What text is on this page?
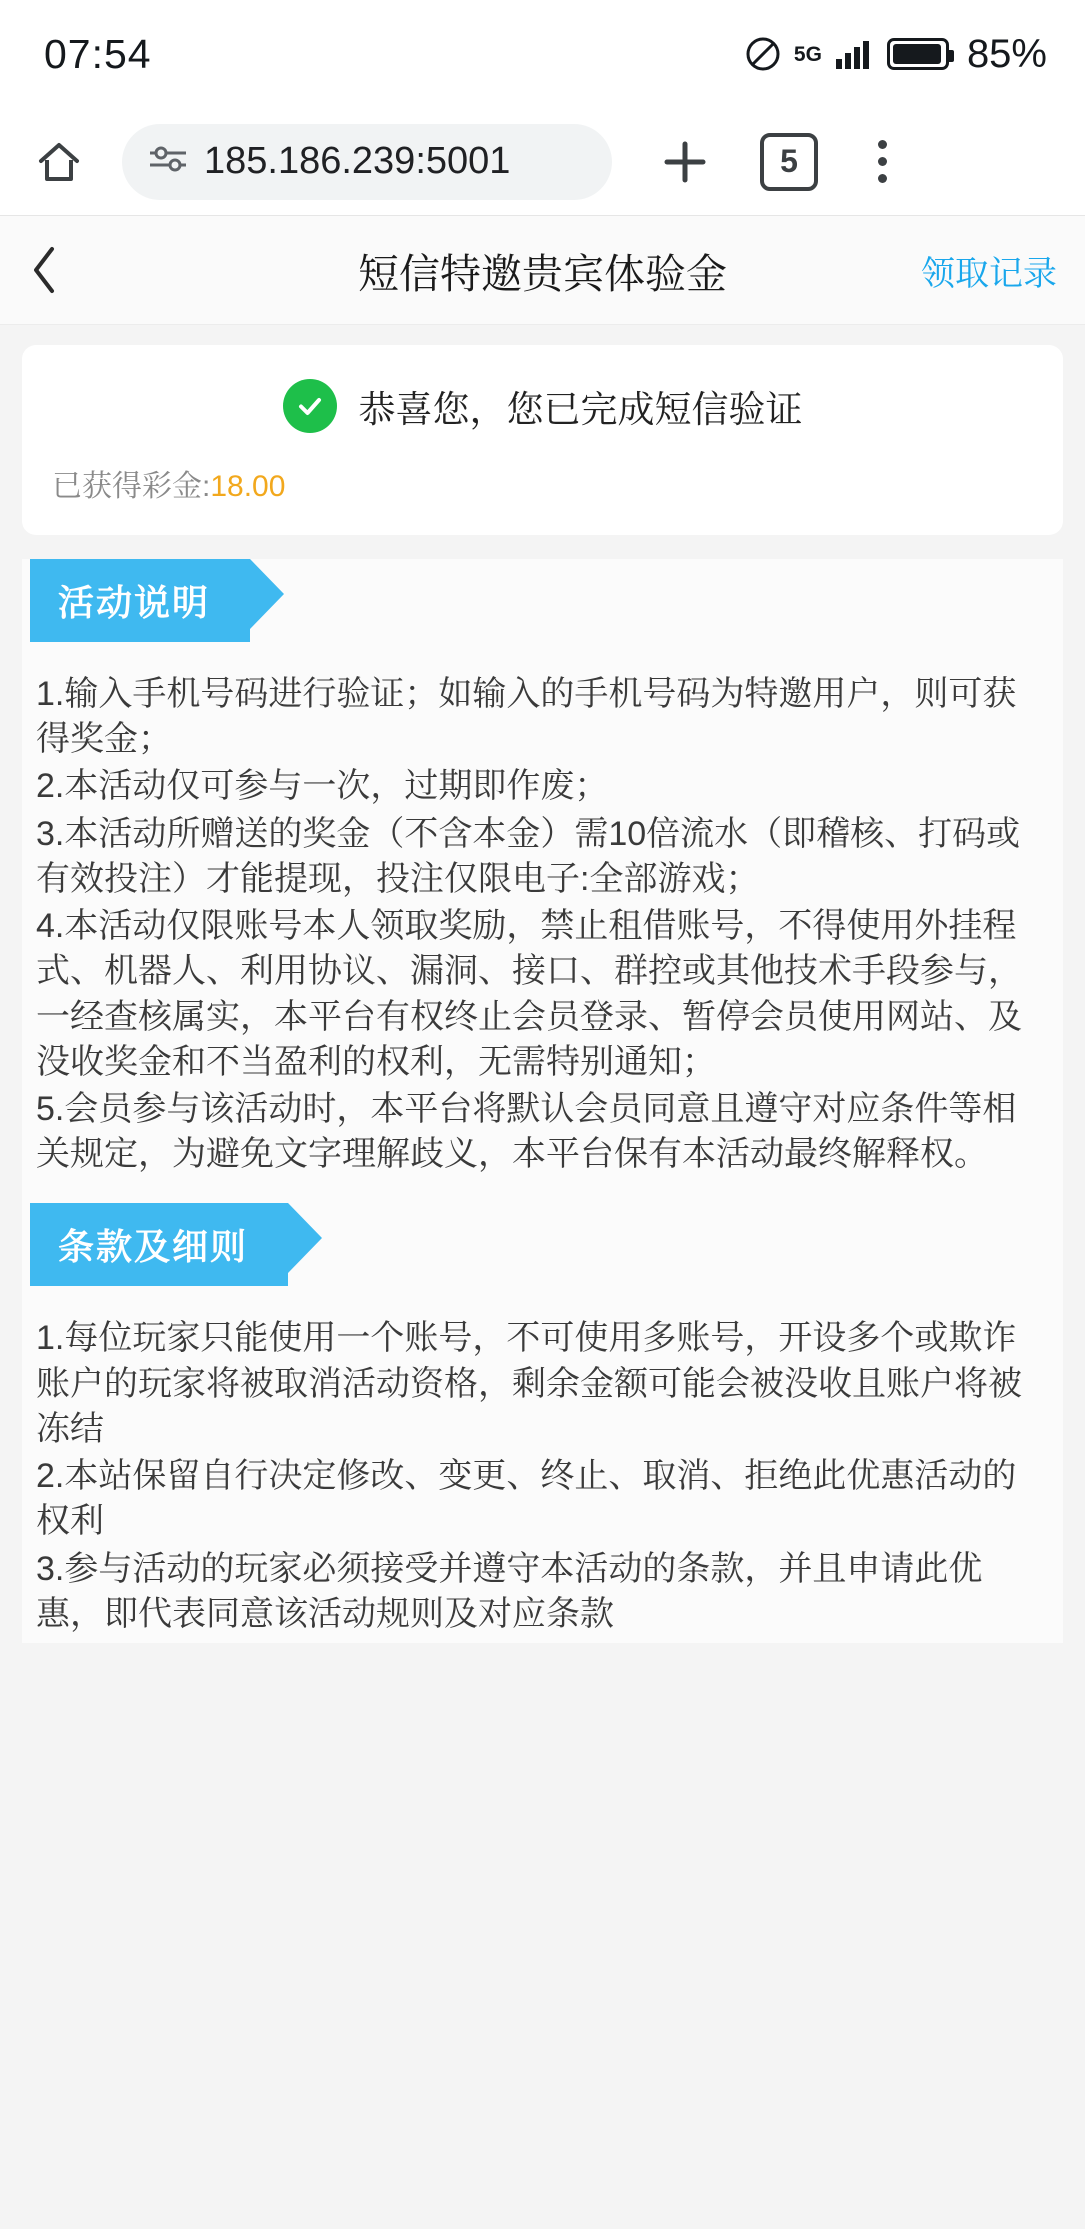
07:54	5G	85%
185.186.239:5001	5
短信特邀贵宾体验金	领取记录
恭喜您，您已完成短信验证
已获得彩金:18.00
活动说明

1.输入手机号码进行验证；如输入的手机号码为特邀用户，则可获得奖金；

2.本活动仅可参与一次，过期即作废；

3.本活动所赠送的奖金（不含本金）需10倍流水（即稽核、打码或有效投注）才能提现，投注仅限电子:全部游戏；

4.本活动仅限账号本人领取奖励，禁止租借账号，不得使用外挂程式、机器人、利用协议、漏洞、接口、群控或其他技术手段参与，一经查核属实，本平台有权终止会员登录、暂停会员使用网站、及没收奖金和不当盈利的权利，无需特别通知；

5.会员参与该活动时，本平台将默认会员同意且遵守对应条件等相关规定，为避免文字理解歧义，本平台保有本活动最终解释权。

条款及细则

1.每位玩家只能使用一个账号，不可使用多账号，开设多个或欺诈账户的玩家将被取消活动资格，剩余金额可能会被没收且账户将被冻结

2.本站保留自行决定修改、变更、终止、取消、拒绝此优惠活动的权利

3.参与活动的玩家必须接受并遵守本活动的条款，并且申请此优惠，即代表同意该活动规则及对应条款
